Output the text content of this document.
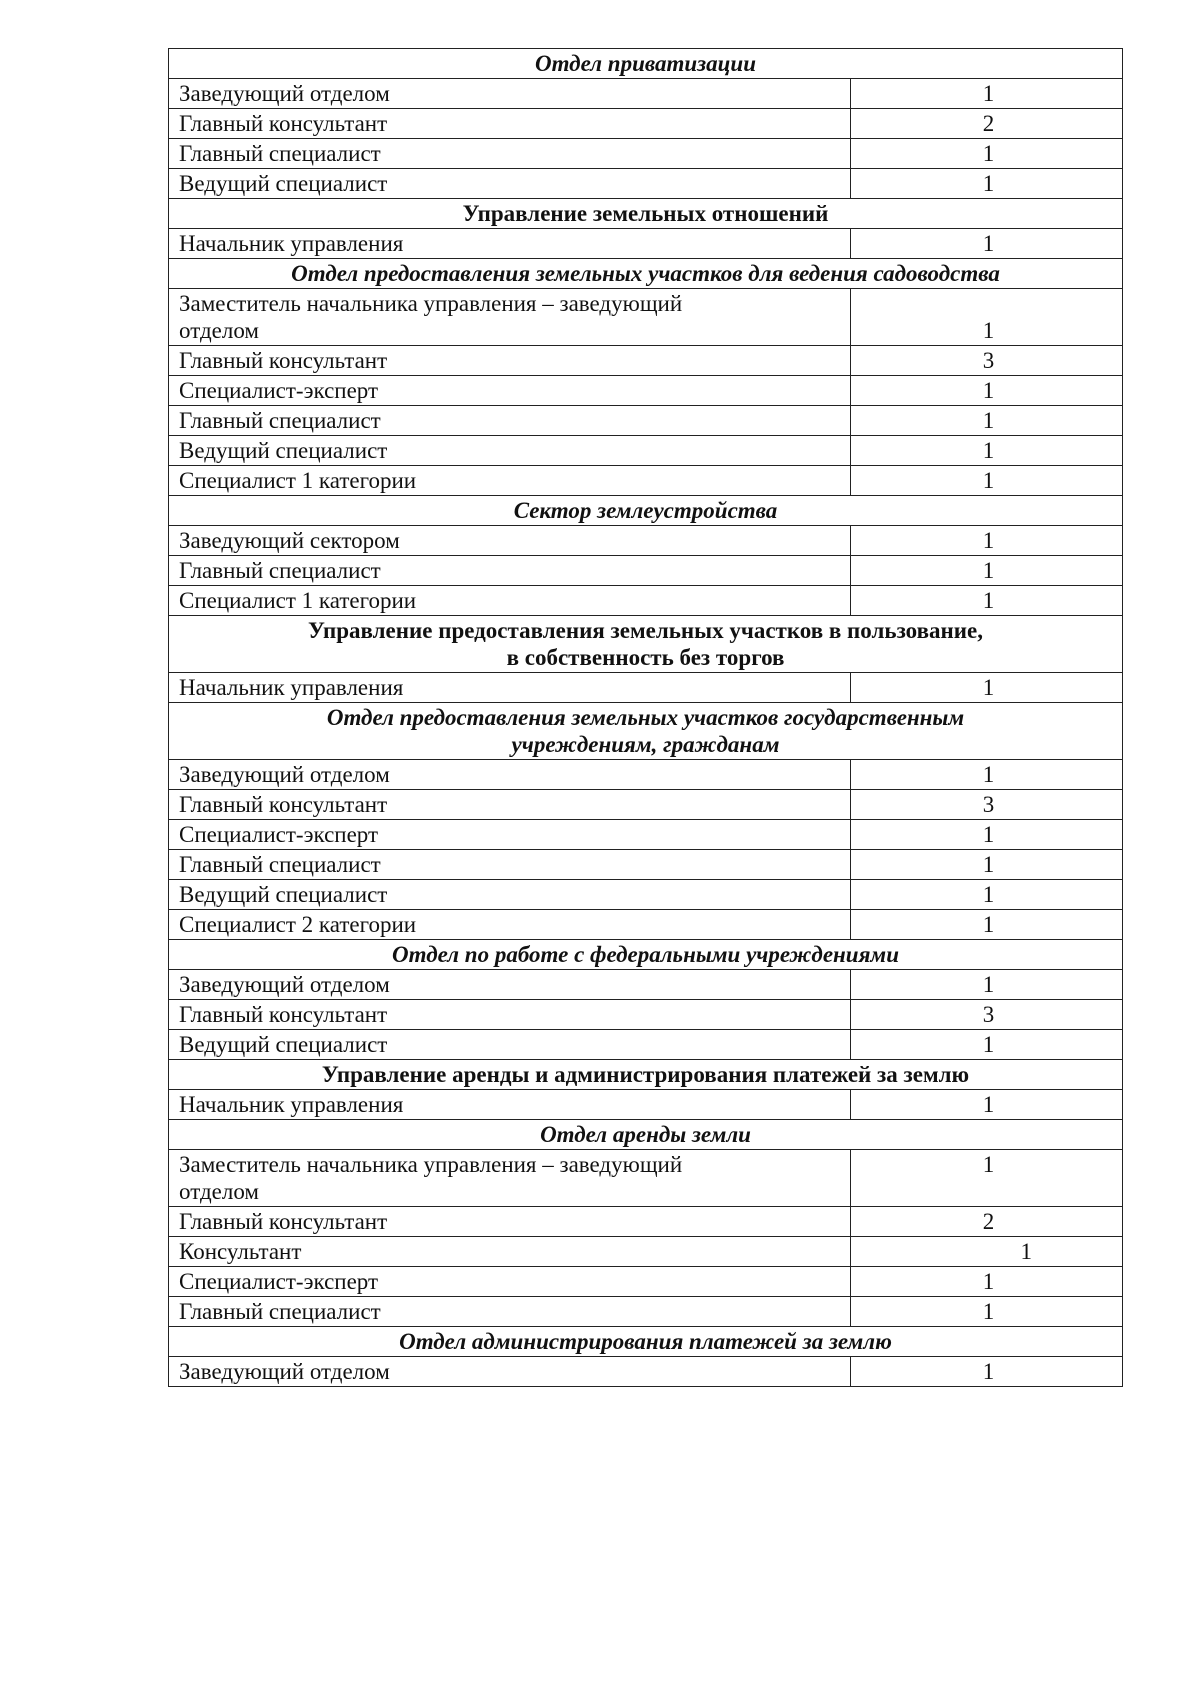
Отдел приватизации	
Заведующий отделом	1
Главный консультант	2
Главный специалист	1
Ведущий специалист	1
Управление земельных отношений	
Начальник управления	1
Отдел предоставления земельных участков для ведения садоводства	
Заместитель начальника управления – заведующий
отделом	1
Главный консультант	3
Специалист-эксперт	1
Главный специалист	1
Ведущий специалист	1
Специалист 1 категории	1
Сектор землеустройства	
Заведующий сектором	1
Главный специалист	1
Специалист 1 категории	1
Управление предоставления земельных участков в пользование,
в собственность без торгов	
Начальник управления	1
Отдел предоставления земельных участков государственным
учреждениям, гражданам	
Заведующий отделом	1
Главный консультант	3
Специалист-эксперт	1
Главный специалист	1
Ведущий специалист	1
Специалист 2 категории	1
Отдел по работе с федеральными учреждениями	
Заведующий отделом	1
Главный консультант	3
Ведущий специалист	1
Управление аренды и администрирования платежей за землю	
Начальник управления	1
Отдел аренды земли	
Заместитель начальника управления – заведующий
отделом	1
Главный консультант	2
Консультант	1
Специалист-эксперт	1
Главный специалист	1
Отдел администрирования платежей за землю	
Заведующий отделом	1
